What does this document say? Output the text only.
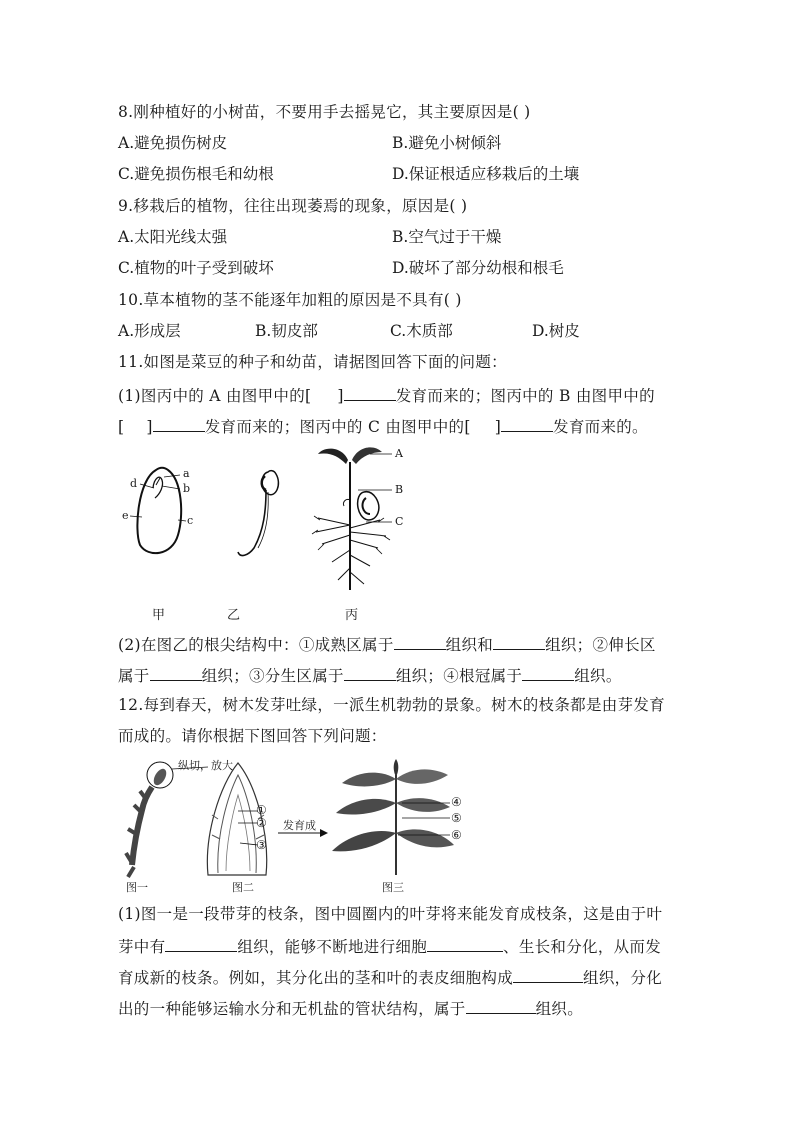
8.刚种植好的小树苗，不要用手去摇晃它，其主要原因是( )
A.避免损伤树皮	B.避免小树倾斜
C.避免损伤根毛和幼根	D.保证根适应移栽后的土壤
9.移栽后的植物，往往出现萎焉的现象，原因是( )
A.太阳光线太强	B.空气过于干燥
C.植物的叶子受到破坏	D.破坏了部分幼根和根毛
10.草本植物的茎不能逐年加粗的原因是不具有( )
A.形成层	B.韧皮部	C.木质部	D.树皮
11.如图是菜豆的种子和幼苗，请据图回答下面的问题：
(1)图丙中的 A 由图甲中的[ ]	发育而来的；图丙中的 B 由图甲中的
[ ]	发育而来的；图丙中的 C 由图甲中的[ ]	发育而来的。
a
b
d
e	c
A
B
C
甲	乙	丙
(2)在图乙的根尖结构中：①成熟区属于	组织和	组织；②伸长区
属于	组织；③分生区属于	组织；④根冠属于	组织。
12.每到春天，树木发芽吐绿，一派生机勃勃的景象。树木的枝条都是由芽发育
而成的。请你根据下图回答下列问题：
纵切，放大
①
②
③
发育成
④
⑤
⑥
图一	图二	图三
(1)图一是一段带芽的枝条，图中圆圈内的叶芽将来能发育成枝条，这是由于叶
芽中有	组织，能够不断地进行细胞	、生长和分化，从而发
育成新的枝条。例如，其分化出的茎和叶的表皮细胞构成	组织，分化
出的一种能够运输水分和无机盐的管状结构，属于	组织。
